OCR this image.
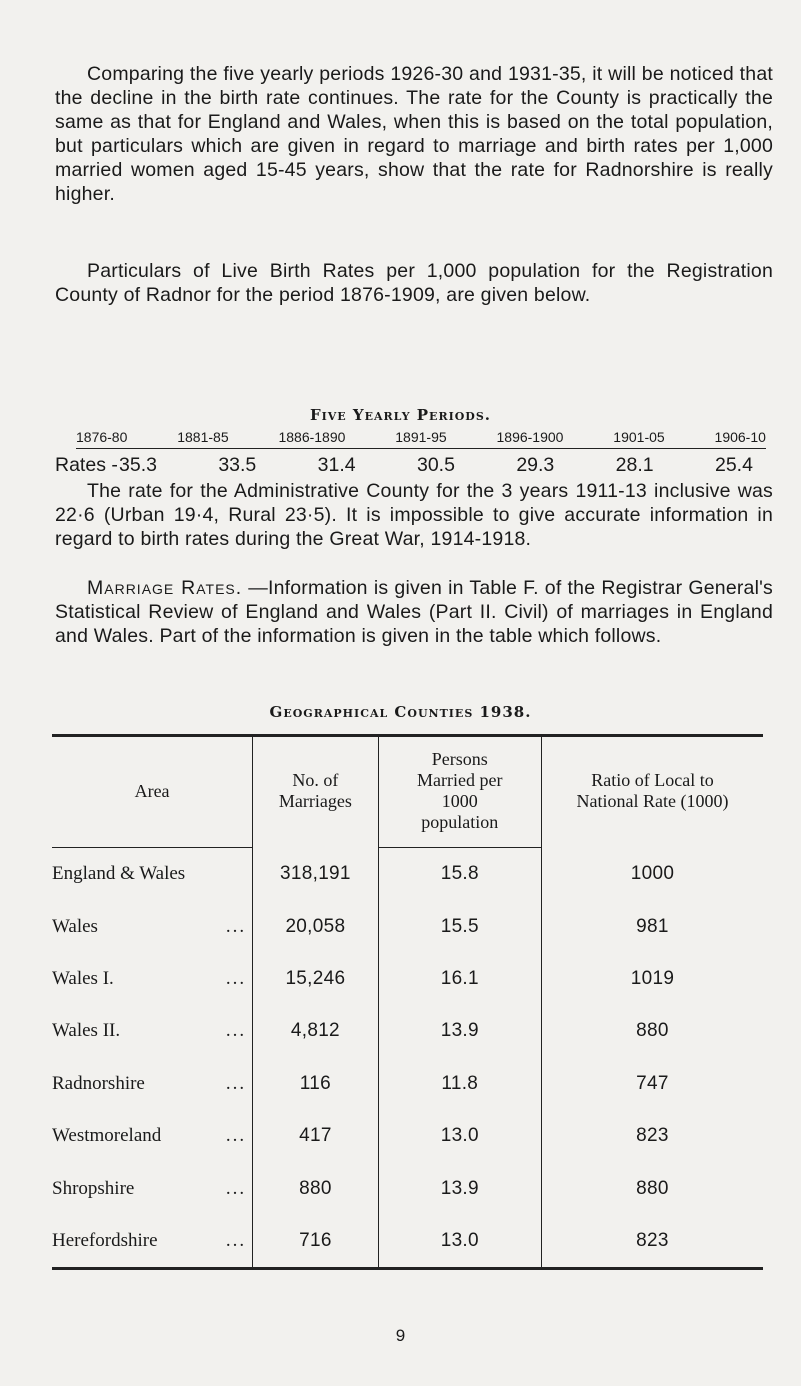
Comparing the five yearly periods 1926-30 and 1931-35, it will be noticed that the decline in the birth rate continues. The rate for the County is practically the same as that for England and Wales, when this is based on the total population, but particulars which are given in regard to marriage and birth rates per 1,000 married women aged 15-45 years, show that the rate for Radnorshire is really higher.

Particulars of Live Birth Rates per 1,000 population for the Registration County of Radnor for the period 1876-1909, are given below.

Five Yearly Periods.
1876-80	1881-85	1886-1890	1891-95	1896-1900	1901-05	1906-10
Rates - 35.3	33.5	31.4	30.5	29.3	28.1	25.4

The rate for the Administrative County for the 3 years 1911-13 inclusive was 22·6 (Urban 19·4, Rural 23·5). It is impossible to give accurate information in regard to birth rates during the Great War, 1914-1918.

Marriage Rates. —Information is given in Table F. of the Registrar General's Statistical Review of England and Wales (Part II. Civil) of marriages in England and Wales. Part of the information is given in the table which follows.

Geographical Counties 1938.
Area
No. of Marriages
Persons Married per 1000 population
Ratio of Local to National Rate (1000)
England & Wales	318,191	15.8	1000
Wales	...	20,058	15.5	981
Wales I.	...	15,246	16.1	1019
Wales II.	...	4,812	13.9	880
Radnorshire	...	116	11.8	747
Westmoreland	...	417	13.0	823
Shropshire	...	880	13.9	880
Herefordshire	...	716	13.0	823
9
